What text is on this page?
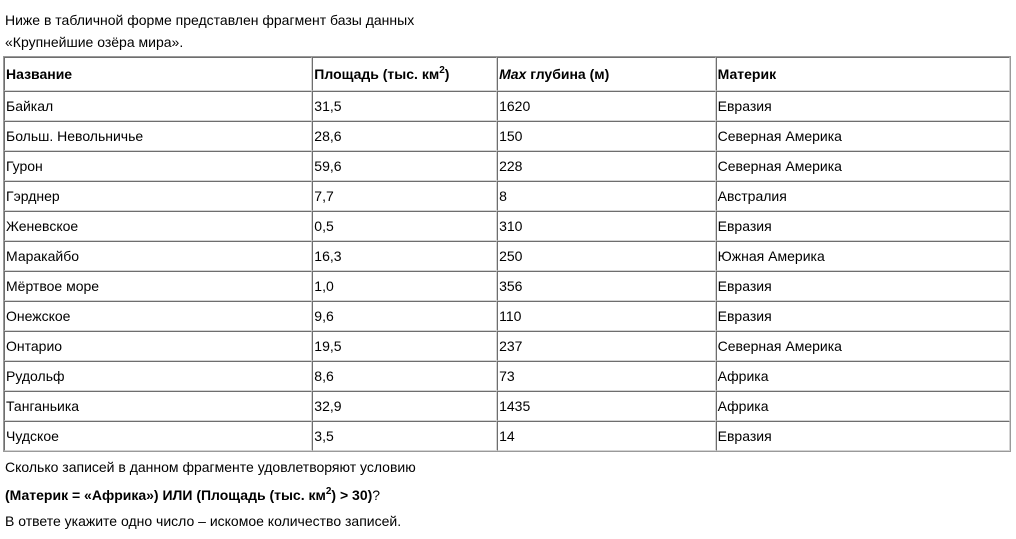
Ниже в табличной форме представлен фрагмент базы данных
«Крупнейшие озёра мира».
Название	Площадь (тыс. $км^2$)	Max глубина (м)	Материк
Байкал	31,5	1620	Евразия
Больш. Невольничье	28,6	150	Северная Америка
Гурон	59,6	228	Северная Америка
Гэрднер	7,7	8	Австралия
Женевское	0,5	310	Евразия
Маракайбо	16,3	250	Южная Америка
Мёртвое море	1,0	356	Евразия
Онежское	9,6	110	Евразия
Онтарио	19,5	237	Северная Америка
Рудольф	8,6	73	Африка
Танганьика	32,9	1435	Африка
Чудское	3,5	14	Евразия
Сколько записей в данном фрагменте удовлетворяют условию
(Материк = «Африка») ИЛИ (Площадь (тыс. $км^2) > 30$)?
В ответе укажите одно число – искомое количество записей.
